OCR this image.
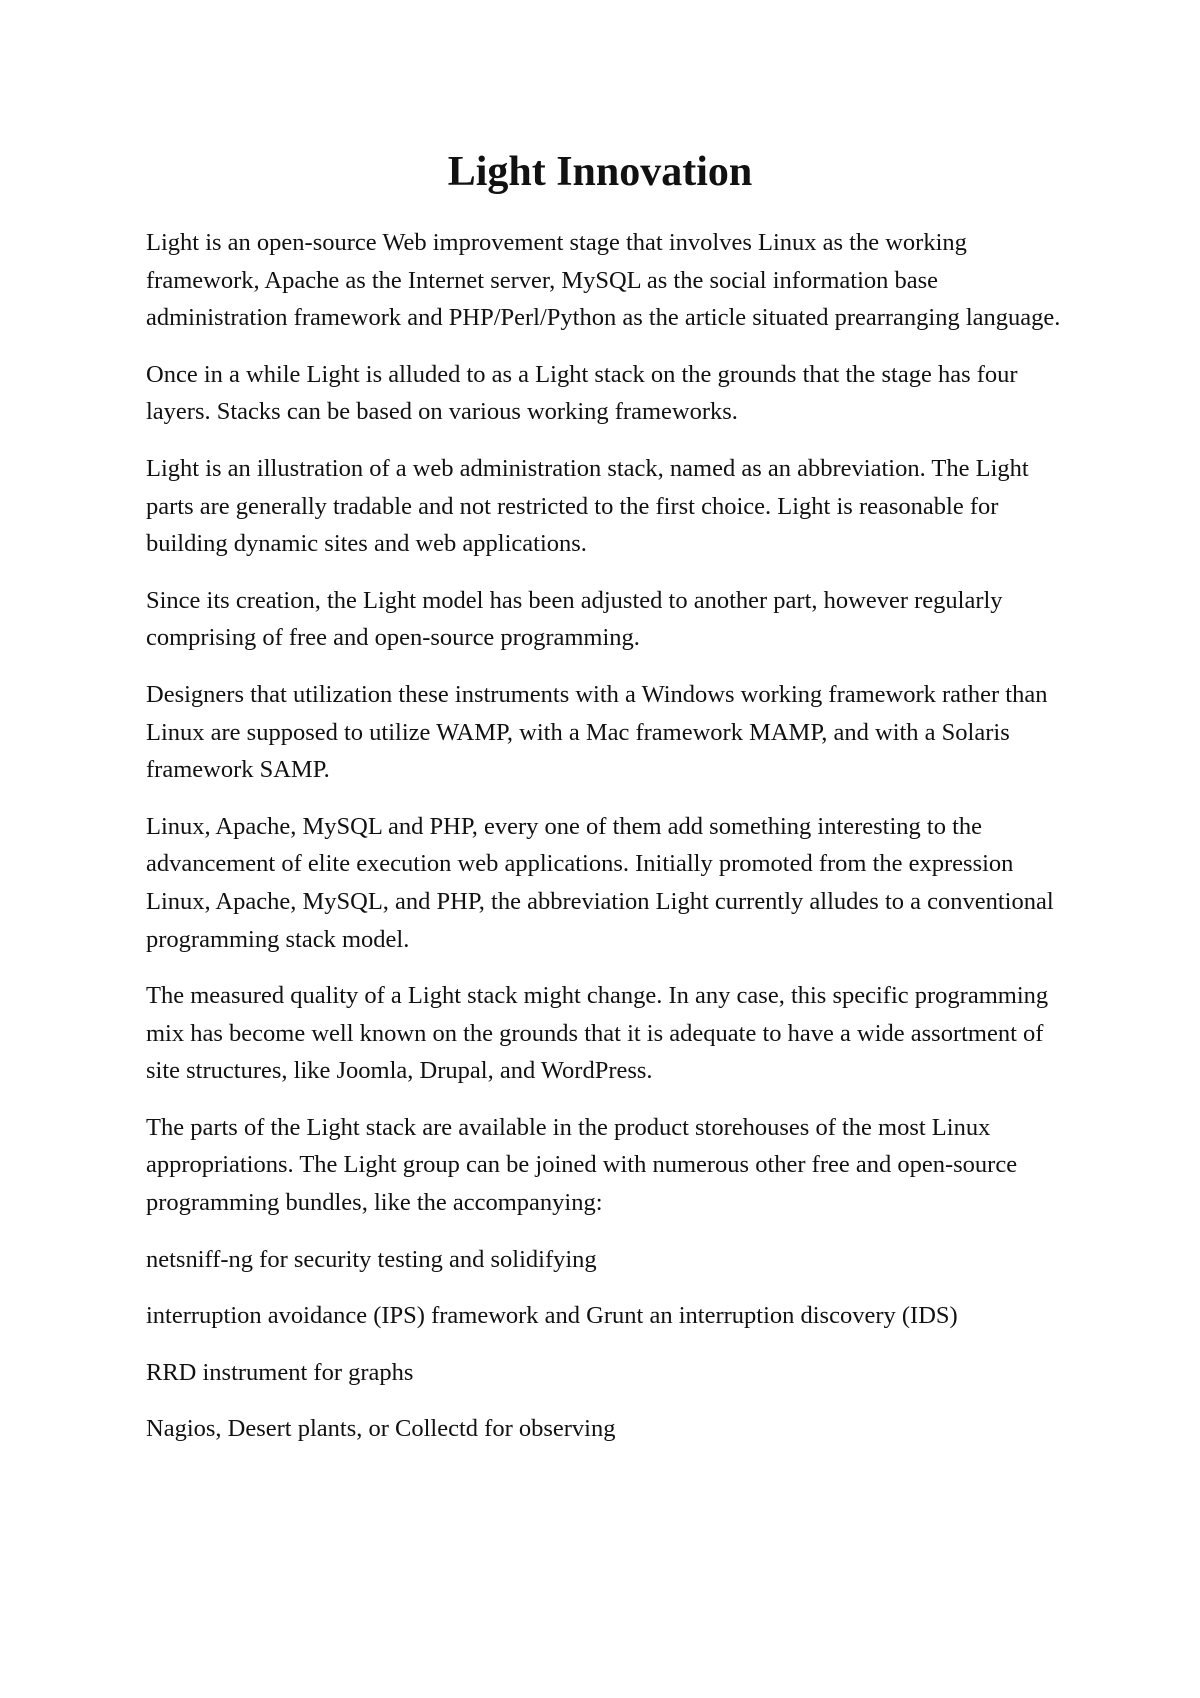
Light Innovation

Light is an open-source Web improvement stage that involves Linux as the working framework, Apache as the Internet server, MySQL as the social information base administration framework and PHP/Perl/Python as the article situated prearranging language.

Once in a while Light is alluded to as a Light stack on the grounds that the stage has four layers. Stacks can be based on various working frameworks.

Light is an illustration of a web administration stack, named as an abbreviation. The Light parts are generally tradable and not restricted to the first choice. Light is reasonable for building dynamic sites and web applications.

Since its creation, the Light model has been adjusted to another part, however regularly comprising of free and open-source programming.

Designers that utilization these instruments with a Windows working framework rather than Linux are supposed to utilize WAMP, with a Mac framework MAMP, and with a Solaris framework SAMP.

Linux, Apache, MySQL and PHP, every one of them add something interesting to the advancement of elite execution web applications. Initially promoted from the expression Linux, Apache, MySQL, and PHP, the abbreviation Light currently alludes to a conventional programming stack model.

The measured quality of a Light stack might change. In any case, this specific programming mix has become well known on the grounds that it is adequate to have a wide assortment of site structures, like Joomla, Drupal, and WordPress.

The parts of the Light stack are available in the product storehouses of the most Linux appropriations. The Light group can be joined with numerous other free and open-source programming bundles, like the accompanying:

netsniff-ng for security testing and solidifying

interruption avoidance (IPS) framework and Grunt an interruption discovery (IDS)

RRD instrument for graphs

Nagios, Desert plants, or Collectd for observing
